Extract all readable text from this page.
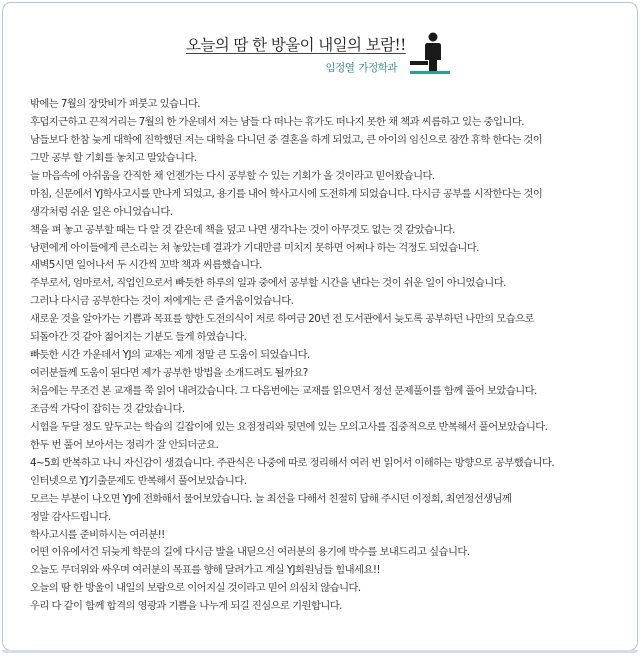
오늘의 땀 한 방울이 내일의 보람!!
임정열 가정학과
밖에는 7월의 장맛비가 퍼붓고 있습니다.
후덥지근하고 끈적거리는 7월의 한 가운데서 저는 남들 다 떠나는 휴가도 떠나지 못한 채 책과 씨름하고 있는 중입니다.
남들보다 한참 늦게 대학에 진학했던 저는 대학을 다니던 중 결혼을 하게 되었고, 큰 아이의 임신으로 잠깐 휴학 한다는 것이
그만 공부 할 기회를 놓치고 말았습니다.
늘 마음속에 아쉬움을 간직한 채 언젠가는 다시 공부할 수 있는 기회가 올 것이라고 믿어왔습니다.
마침, 신문에서 YJ학사고시를 만나게 되었고, 용기를 내어 학사고시에 도전하게 되었습니다. 다시금 공부를 시작한다는 것이
생각처럼 쉬운 일은 아니었습니다.
책을 펴 놓고 공부할 때는 다 알 것 같은데 책을 덮고 나면 생각나는 것이 아무것도 없는 것 같았습니다.
남편에게 아이들에게 큰소리는 쳐 놓았는데 결과가 기대만큼 미치지 못하면 어쩌나 하는 걱정도 되었습니다.
새벽5시면 일어나서 두 시간씩 꼬박 책과 씨름했습니다.
주부로서, 엄마로서, 직업인으로서 빠듯한 하루의 일과 중에서 공부할 시간을 낸다는 것이 쉬운 일이 아니었습니다.
그러나 다시금 공부한다는 것이 저에게는 큰 즐거움이었습니다.
새로운 것을 알아가는 기쁨과 목표를 향한 도전의식이 저로 하여금 20년 전 도서관에서 늦도록 공부하던 나만의 모습으로
되돌아간 것 같아 젊어지는 기분도 들게 하였습니다.
빠듯한 시간 가운데서 YJ의 교재는 제게 정말 큰 도움이 되었습니다.
여러분들께 도움이 된다면 제가 공부한 방법을 소개드려도 될까요?
처음에는 무조건 본 교재를 쭉 읽어 내려갔습니다. 그 다음번에는 교재를 읽으면서 정선 문제풀이를 함께 풀어 보았습니다.
조금씩 가닥이 잡히는 것 같았습니다.
시험을 두달 정도 앞두고는 학습의 길잡이에 있는 요점정리와 뒷면에 있는 모의고사를 집중적으로 반복해서 풀어보았습니다.
한두 번 풀어 보아서는 정리가 잘 안되더군요.
4~5회 반복하고 나니 자신감이 생겼습니다. 주관식은 나중에 따로 정리해서 여러 번 읽어서 이해하는 방향으로 공부했습니다.
인터넷으로 YJ기출문제도 반복해서 풀어보았습니다.
모르는 부분이 나오면 YJ에 전화해서 물어보았습니다. 늘 최선을 다해서 친절히 답해 주시던 이정희, 최연정선생님께
정말 감사드립니다.
학사고시를 준비하시는 여러분!!
어떤 이유에서건 뒤늦게 학문의 길에 다시금 발을 내딛으신 여러분의 용기에 박수를 보내드리고 싶습니다.
오늘도 무더위와 싸우며 여러분의 목표를 향해 달려가고 계실 YJ회원님들 힘내세요!!
오늘의 땀 한 방울이 내일의 보람으로 이어지실 것이라고 믿어 의심치 않습니다.
우리 다 같이 함께 합격의 영광과 기쁨을 나누게 되길 진심으로 기원합니다.
